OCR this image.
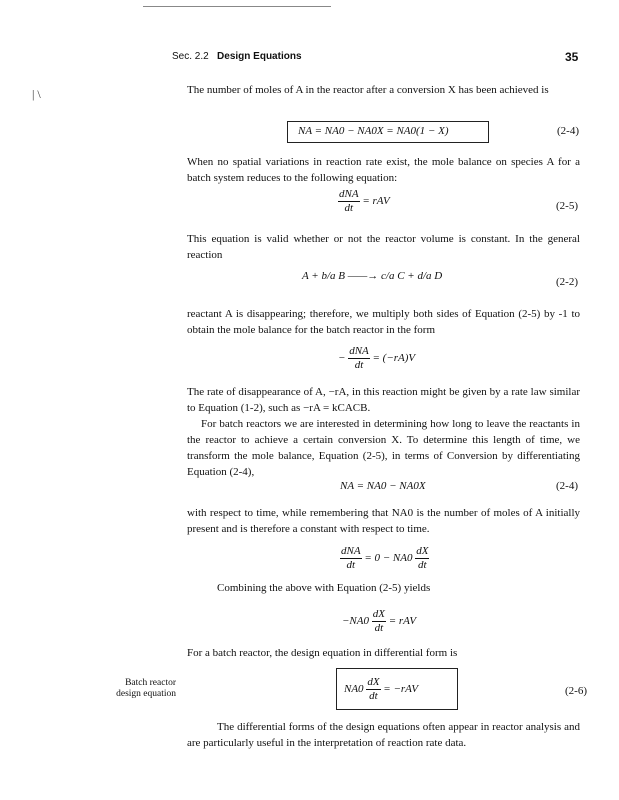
Sec. 2.2 Design Equations	35
| \	The number of moles of A in the reactor after a conversion X has been achieved is
NA = NA0 − NA0X = NA0(1 − X)	(2-4)
When no spatial variations in reaction rate exist, the mole balance on species A for a batch system reduces to the following equation:
$\frac{\text{dNA}}{dt}$ = rAV	(2-5)
This equation is valid whether or not the reactor volume is constant. In the general reaction
A + b/a B ——→ c/a C + d/a D	(2-2)
reactant A is disappearing; therefore, we multiply both sides of Equation (2-5) by -1 to obtain the mole balance for the batch reactor in the form
− $\frac{\text{dNA}}{dt} = (-rA)V$
The rate of disappearance of A, −rA, in this reaction might be given by a rate law similar to Equation (1-2), such as −rA = kCACB.
For batch reactors we are interested in determining how long to leave the reactants in the reactor to achieve a certain conversion X. To determine this length of time, we transform the mole balance, Equation (2-5), in terms of Conversion by differentiating Equation (2-4),
NA = NA0 − NA0X	(2-4)
with respect to time, while remembering that NA0 is the number of moles of A initially present and is therefore a constant with respect to time.
$\frac{\text{dNA}}{dt} = 0 - NA0 \frac{dX}{dt}$
Combining the above with Equation (2-5) yields
$-NA0 \frac{dX}{dt}$ = rAV
For a batch reactor, the design equation in differential form is
Batch reactor
design equation	$NA0 \frac{dX}{dt} = -rAV$	(2-6)
The differential forms of the design equations often appear in reactor analysis and are particularly useful in the interpretation of reaction rate data.
